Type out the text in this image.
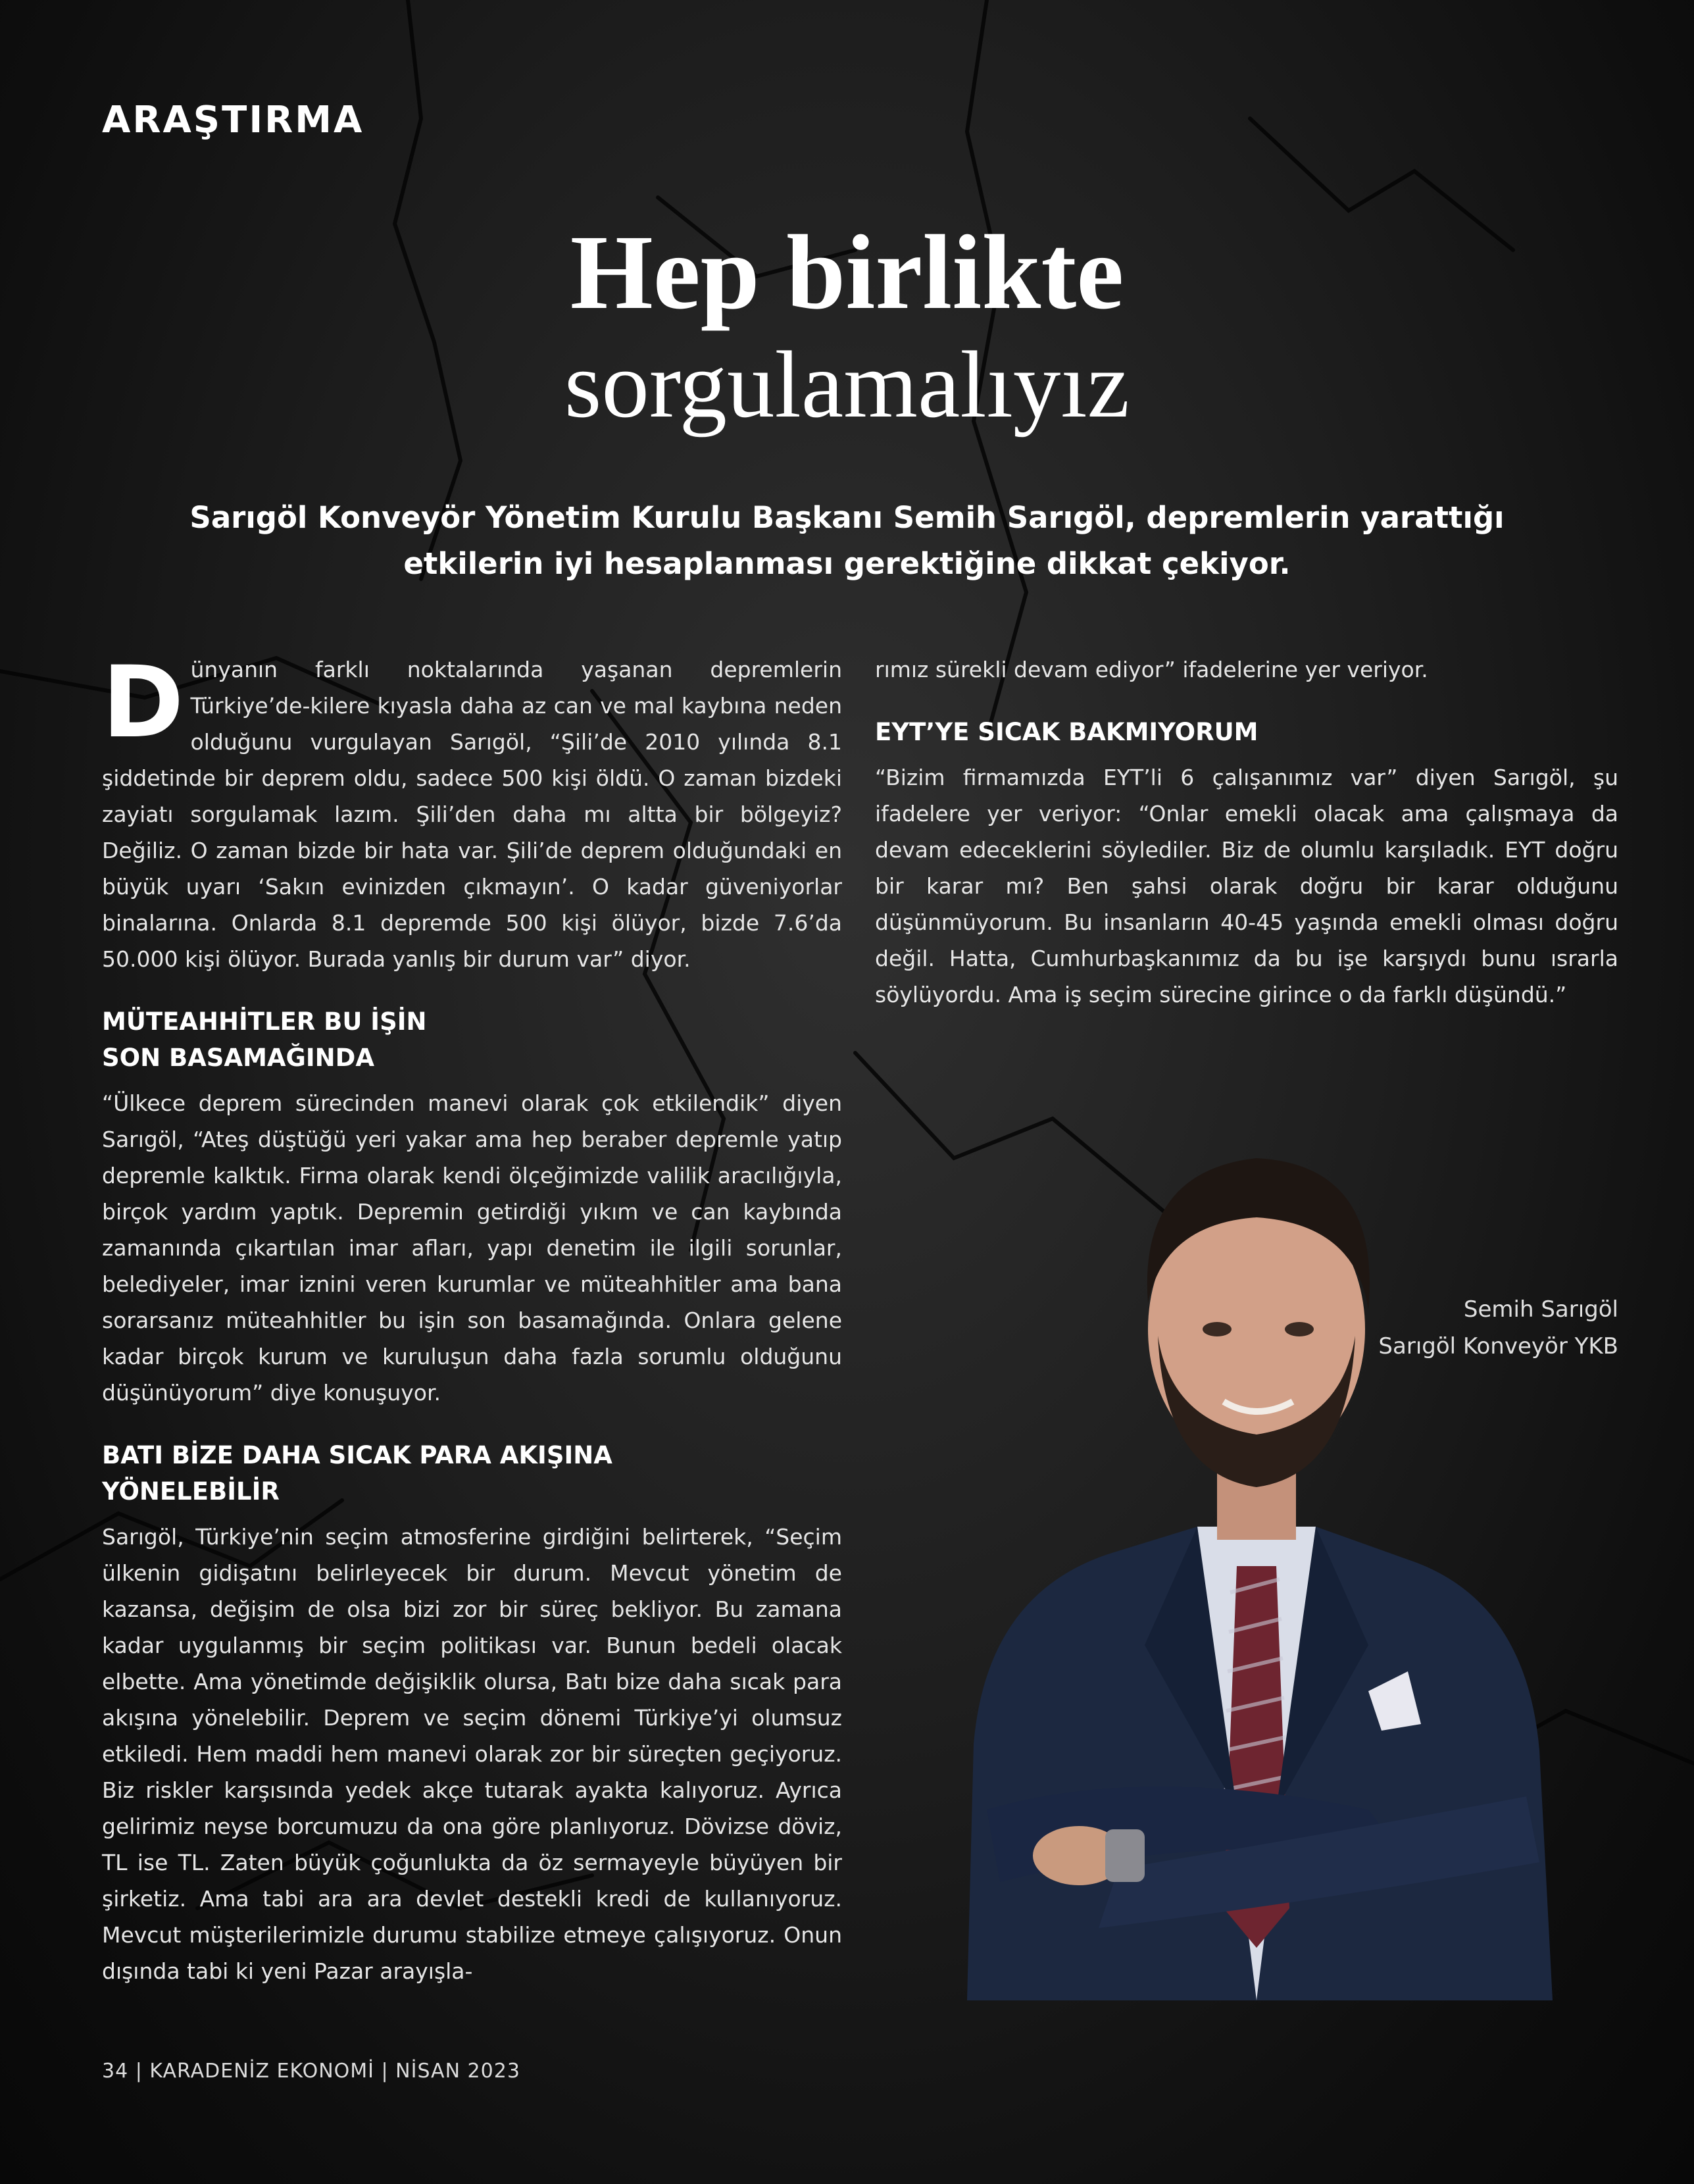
ARAŞTIRMA
Hep birlikte
sorgulamalıyız
Sarıgöl Konveyör Yönetim Kurulu Başkanı Semih Sarıgöl, depremlerin yarattığı etkilerin iyi hesaplanması gerektiğine dikkat çekiyor.

D ünyanın farklı noktalarında yaşanan depremlerin Türkiye’de-kilere kıyasla daha az can ve mal kaybına neden olduğunu vurgulayan Sarıgöl, “Şili’de 2010 yılında 8.1 şiddetinde bir deprem oldu, sadece 500 kişi öldü. O zaman bizdeki zayiatı sorgulamak lazım. Şili’den daha mı altta bir bölgeyiz? Değiliz. O zaman bizde bir hata var. Şili’de deprem olduğundaki en büyük uyarı ‘Sakın evinizden çıkmayın’. O kadar güveniyorlar binalarına. Onlarda 8.1 depremde 500 kişi ölüyor, bizde 7.6’da 50.000 kişi ölüyor. Burada yanlış bir durum var” diyor.

MÜTEAHHİTLER BU İŞİN
SON BASAMAĞINDA

“Ülkece deprem sürecinden manevi olarak çok etkilendik” diyen Sarıgöl, “Ateş düştüğü yeri yakar ama hep beraber depremle yatıp depremle kalktık. Firma olarak kendi ölçeğimizde valilik aracılığıyla, birçok yardım yaptık. Depremin getirdiği yıkım ve can kaybında zamanında çıkartılan imar afları, yapı denetim ile ilgili sorunlar, belediyeler, imar iznini veren kurumlar ve müteahhitler ama bana sorarsanız müteahhitler bu işin son basamağında. Onlara gelene kadar birçok kurum ve kuruluşun daha fazla sorumlu olduğunu düşünüyorum” diye konuşuyor.

BATI BİZE DAHA SICAK PARA AKIŞINA
YÖNELEBİLİR

Sarıgöl, Türkiye’nin seçim atmosferine girdiğini belirterek, “Seçim ülkenin gidişatını belirleyecek bir durum. Mevcut yönetim de kazansa, değişim de olsa bizi zor bir süreç bekliyor. Bu zamana kadar uygulanmış bir seçim politikası var. Bunun bedeli olacak elbette. Ama yönetimde değişiklik olursa, Batı bize daha sıcak para akışına yönelebilir. Deprem ve seçim dönemi Türkiye’yi olumsuz etkiledi. Hem maddi hem manevi olarak zor bir süreçten geçiyoruz. Biz riskler karşısında yedek akçe tutarak ayakta kalıyoruz. Ayrıca gelirimiz neyse borcumuzu da ona göre planlıyoruz. Dövizse döviz, TL ise TL. Zaten büyük çoğunlukta da öz sermayeyle büyüyen bir şirketiz. Ama tabi ara ara devlet destekli kredi de kullanıyoruz. Mevcut müşterilerimizle durumu stabilize etmeye çalışıyoruz. Onun dışında tabi ki yeni Pazar arayışla-

rımız sürekli devam ediyor” ifadelerine yer veriyor.

EYT’YE SICAK BAKMIYORUM

“Bizim firmamızda EYT’li 6 çalışanımız var” diyen Sarıgöl, şu ifadelere yer veriyor: “Onlar emekli olacak ama çalışmaya da devam edeceklerini söylediler. Biz de olumlu karşıladık. EYT doğru bir karar mı? Ben şahsi olarak doğru bir karar olduğunu düşünmüyorum. Bu insanların 40-45 yaşında emekli olması doğru değil. Hatta, Cumhurbaşkanımız da bu işe karşıydı bunu ısrarla söylüyordu. Ama iş seçim sürecine girince o da farklı düşündü.”

Semih Sarıgöl
Sarıgöl Konveyör YKB
34 | KARADENİZ EKONOMİ | NİSAN 2023
